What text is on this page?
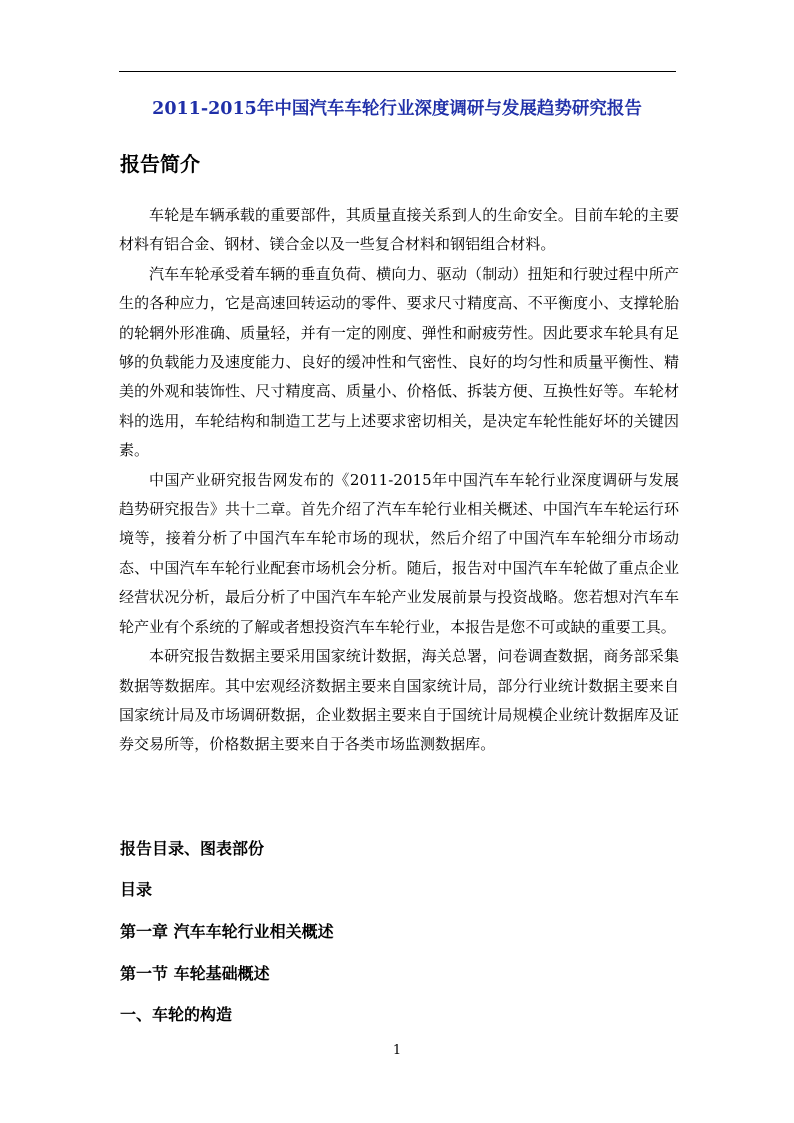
2011-2015年中国汽车车轮行业深度调研与发展趋势研究报告
报告简介

车轮是车辆承载的重要部件，其质量直接关系到人的生命安全。目前车轮的主要材料有铝合金、钢材、镁合金以及一些复合材料和钢铝组合材料。

汽车车轮承受着车辆的垂直负荷、横向力、驱动（制动）扭矩和行驶过程中所产生的各种应力，它是高速回转运动的零件、要求尺寸精度高、不平衡度小、支撑轮胎的轮辋外形准确、质量轻，并有一定的刚度、弹性和耐疲劳性。因此要求车轮具有足够的负载能力及速度能力、良好的缓冲性和气密性、良好的均匀性和质量平衡性、精美的外观和装饰性、尺寸精度高、质量小、价格低、拆装方便、互换性好等。车轮材料的选用，车轮结构和制造工艺与上述要求密切相关，是决定车轮性能好坏的关键因素。

中国产业研究报告网发布的《2011-2015年中国汽车车轮行业深度调研与发展趋势研究报告》共十二章。首先介绍了汽车车轮行业相关概述、中国汽车车轮运行环境等，接着分析了中国汽车车轮市场的现状，然后介绍了中国汽车车轮细分市场动态、中国汽车车轮行业配套市场机会分析。随后，报告对中国汽车车轮做了重点企业经营状况分析，最后分析了中国汽车车轮产业发展前景与投资战略。您若想对汽车车轮产业有个系统的了解或者想投资汽车车轮行业，本报告是您不可或缺的重要工具。

本研究报告数据主要采用国家统计数据，海关总署，问卷调查数据，商务部采集数据等数据库。其中宏观经济数据主要来自国家统计局，部分行业统计数据主要来自国家统计局及市场调研数据，企业数据主要来自于国统计局规模企业统计数据库及证券交易所等，价格数据主要来自于各类市场监测数据库。

报告目录、图表部份
目录
第一章 汽车车轮行业相关概述
第一节 车轮基础概述
一、车轮的构造
1
